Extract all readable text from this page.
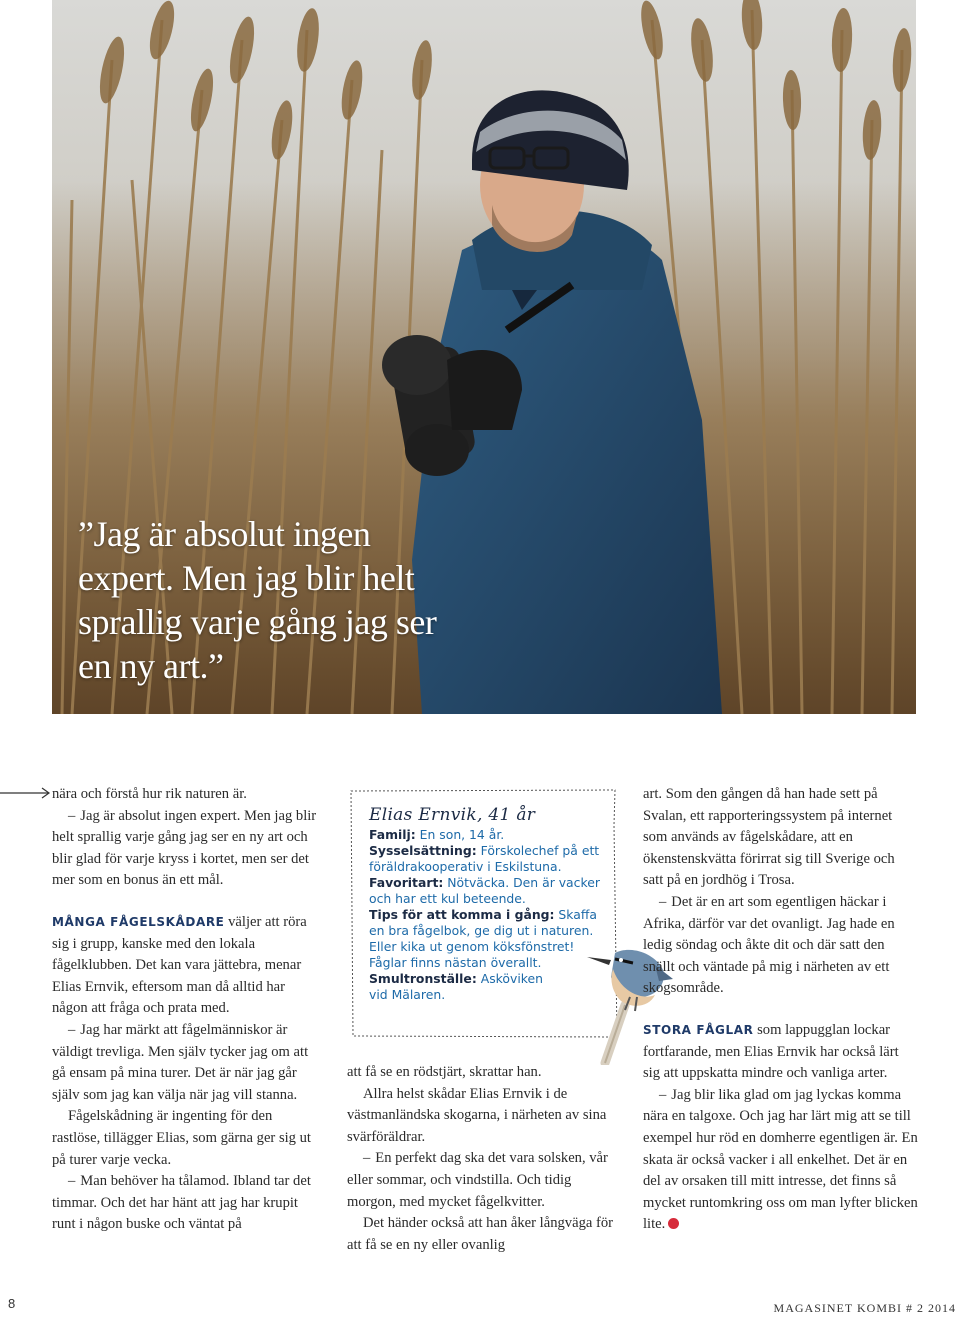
”Jag är absolut ingen expert. Men jag blir helt sprallig varje gång jag ser en ny art.”

nära och förstå hur rik naturen är.

– Jag är absolut ingen expert. Men jag blir helt sprallig varje gång jag ser en ny art och blir glad för varje kryss i kortet, men ser det mer som en bonus än ett mål.

MÅNGA FÅGELSKÅDARE väljer att röra sig i grupp, kanske med den lokala fågelklubben. Det kan vara jättebra, menar Elias Ernvik, eftersom man då alltid har någon att fråga och prata med.

– Jag har märkt att fågelmänniskor är väldigt trevliga. Men själv tycker jag om att gå ensam på mina turer. Det är när jag går själv som jag kan välja när jag vill stanna.

Fågelskådning är ingenting för den rastlöse, tillägger Elias, som gärna ger sig ut på turer varje vecka.

– Man behöver ha tålamod. Ibland tar det timmar. Och det har hänt att jag har krupit runt i någon buske och väntat på

Elias Ernvik, 41 år

Familj: En son, 14 år.

Sysselsättning: Förskolechef på ett föräldrakooperativ i Eskilstuna.

Favoritart: Nötväcka. Den är vacker och har ett kul beteende.

Tips för att komma i gång: Skaffa en bra fågelbok, ge dig ut i naturen. Eller kika ut genom köksfönstret! Fåglar finns nästan överallt.

Smultronställe: Asköviken vid Mälaren.

att få se en rödstjärt, skrattar han.

Allra helst skådar Elias Ernvik i de västmanländska skogarna, i närheten av sina svärföräldrar.

– En perfekt dag ska det vara solsken, vår eller sommar, och vindstilla. Och tidig morgon, med mycket fågelkvitter.

Det händer också att han åker långväga för att få se en ny eller ovanlig

art. Som den gången då han hade sett på Svalan, ett rapporteringssystem på internet som används av fågelskådare, att en ökenstenskvätta förirrat sig till Sverige och satt på en jordhög i Trosa.

– Det är en art som egentligen häckar i Afrika, därför var det ovanligt. Jag hade en ledig söndag och åkte dit och där satt den snällt och väntade på mig i närheten av ett skogsområde.

STORA FÅGLAR som lappugglan lockar fortfarande, men Elias Ernvik har också lärt sig att uppskatta mindre och vanliga arter.

– Jag blir lika glad om jag lyckas komma nära en talgoxe. Och jag har lärt mig att se till exempel hur röd en domherre egentligen är. En skata är också vacker i all enkelhet. Det är en del av orsaken till mitt intresse, det finns så mycket runtomkring oss om man lyfter blicken lite.

8	MAGASINET KOMBI # 2 2014
